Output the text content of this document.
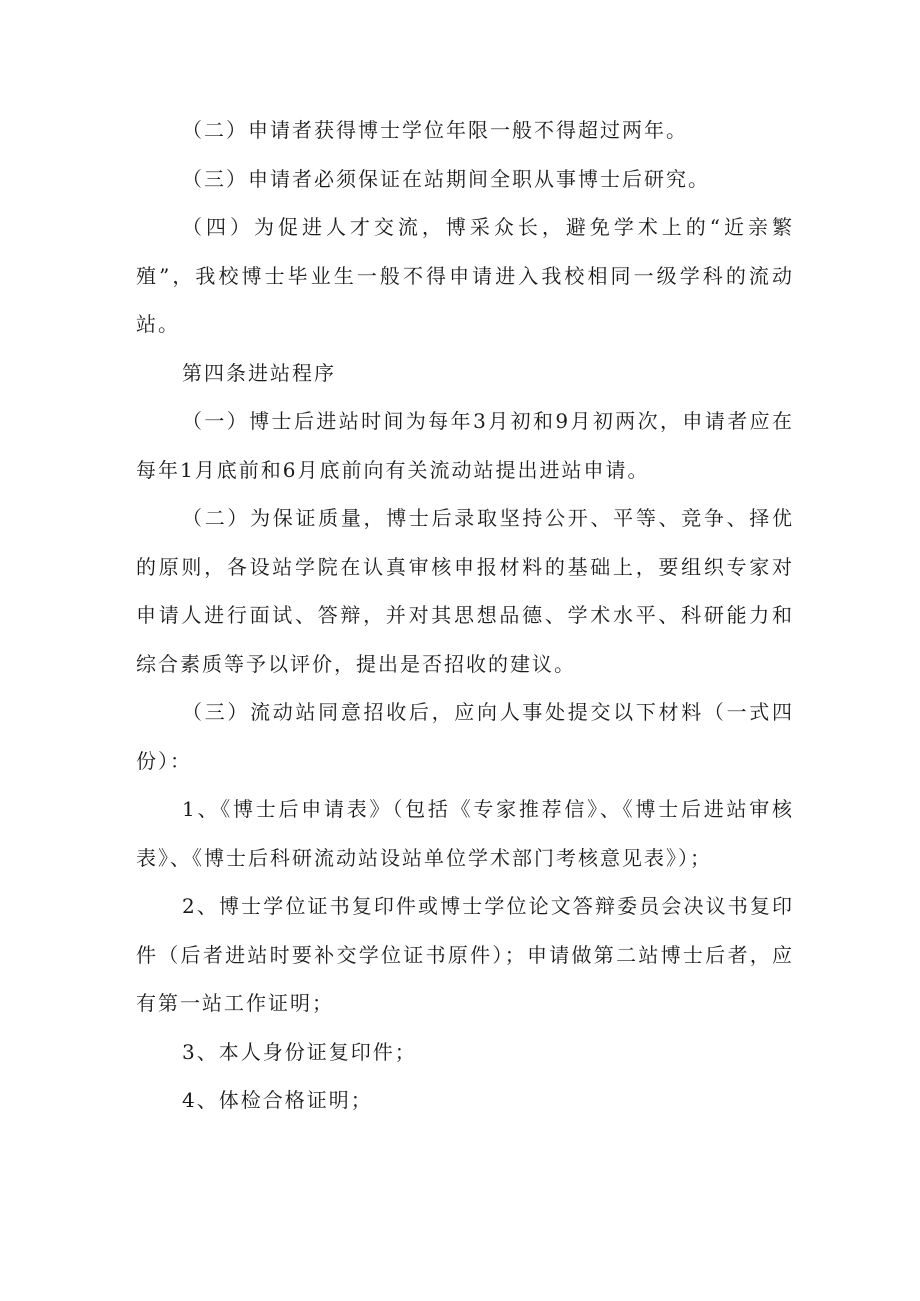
（二）申请者获得博士学位年限一般不得超过两年。

（三）申请者必须保证在站期间全职从事博士后研究。

（四）为促进人才交流，博采众长，避免学术上的“近亲繁殖”，我校博士毕业生一般不得申请进入我校相同一级学科的流动站。

第四条进站程序

（一）博士后进站时间为每年3月初和9月初两次，申请者应在每年1月底前和6月底前向有关流动站提出进站申请。

（二）为保证质量，博士后录取坚持公开、平等、竞争、择优的原则，各设站学院在认真审核申报材料的基础上，要组织专家对申请人进行面试、答辩，并对其思想品德、学术水平、科研能力和综合素质等予以评价，提出是否招收的建议。

（三）流动站同意招收后，应向人事处提交以下材料（一式四份）：

1、《博士后申请表》（包括《专家推荐信》、《博士后进站审核表》、《博士后科研流动站设站单位学术部门考核意见表》）；

2、博士学位证书复印件或博士学位论文答辩委员会决议书复印件（后者进站时要补交学位证书原件）；申请做第二站博士后者，应有第一站工作证明；

3、本人身份证复印件；

4、体检合格证明；
